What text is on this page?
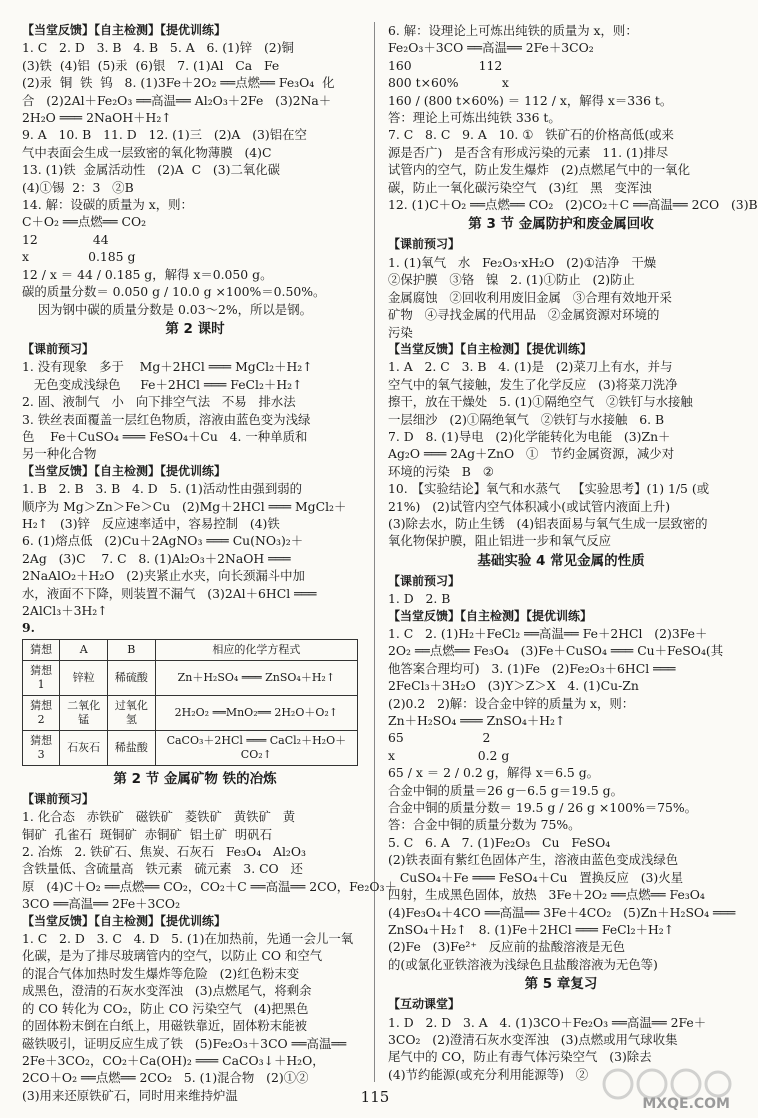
【当堂反馈】【自主检测】【提优训练】
1. C   2. D   3. B   4. B   5. A   6. (1)锌   (2)铜
(3)铁  (4)铝  (5)汞  (6)银   7. (1)Al   Ca   Fe
(2)汞  铜  铁  钨   8. (1)3Fe＋2O₂ ══点燃══ Fe₃O₄  化
合   (2)2Al＋Fe₂O₃ ══高温══ Al₂O₃＋2Fe   (3)2Na＋
2H₂O ═══ 2NaOH＋H₂↑
9. A   10. B   11. D   12. (1)三   (2)A   (3)铝在空
气中表面会生成一层致密的氧化物薄膜   (4)C
13. (1)铁  金属活动性   (2)A  C   (3)二氧化碳
(4)①锡  2：3   ②B
14. 解：设碳的质量为 x，则：
C＋O₂ ══点燃══ CO₂
12              44
x               0.185 g
12 / x ＝ 44 / 0.185 g，解得 x＝0.050 g。
碳的质量分数＝ 0.050 g / 10.0 g ×100%＝0.50%。
因为钢中碳的质量分数是 0.03～2%，所以是钢。
第 2 课时
【课前预习】
1. 没有现象   多于    Mg＋2HCl ═══ MgCl₂＋H₂↑
无色变成浅绿色     Fe＋2HCl ═══ FeCl₂＋H₂↑
2. 固、液制气   小   向下排空气法   不易   排水法
3. 铁丝表面覆盖一层红色物质，溶液由蓝色变为浅绿
色    Fe＋CuSO₄ ═══ FeSO₄＋Cu   4. 一种单质和
另一种化合物
【当堂反馈】【自主检测】【提优训练】
1. B   2. B   3. B   4. D   5. (1)活动性由强到弱的
顺序为 Mg＞Zn＞Fe＞Cu   (2)Mg＋2HCl ═══ MgCl₂＋
H₂↑   (3)锌   反应速率适中，容易控制   (4)铁
6. (1)熔点低   (2)Cu＋2AgNO₃ ═══ Cu(NO₃)₂＋
2Ag   (3)C    7. C   8. (1)Al₂O₃＋2NaOH ═══
2NaAlO₂＋H₂O   (2)夹紧止水夹，向长颈漏斗中加
水，液面不下降，则装置不漏气   (3)2Al＋6HCl ═══
2AlCl₃＋3H₂↑
9.
猜想	A	B	相应的化学方程式
猜想 1	锌粒	稀硫酸	Zn＋H₂SO₄ ═══ ZnSO₄＋H₂↑
猜想 2	二氧化锰	过氧化氢	2H₂O₂ ══MnO₂══ 2H₂O＋O₂↑
猜想 3	石灰石	稀盐酸	CaCO₃＋2HCl ═══ CaCl₂＋H₂O＋CO₂↑
第 2 节 金属矿物 铁的冶炼
【课前预习】
1. 化合态   赤铁矿   磁铁矿   菱铁矿   黄铁矿   黄
铜矿  孔雀石  斑铜矿  赤铜矿  铝土矿  明矾石
2. 冶炼   2. 铁矿石、焦炭、石灰石   Fe₃O₄   Al₂O₃
含铁量低、含硫量高   铁元素   硫元素   3. CO   还
原   (4)C＋O₂ ══点燃══ CO₂，CO₂＋C ══高温══ 2CO，Fe₂O₃＋
3CO ══高温══ 2Fe＋3CO₂
【当堂反馈】【自主检测】【提优训练】
1. C   2. D   3. C   4. D   5. (1)在加热前，先通一会儿一氧
化碳，是为了排尽玻璃管内的空气，以防止 CO 和空气
的混合气体加热时发生爆炸等危险   (2)红色粉末变
成黑色，澄清的石灰水变浑浊   (3)点燃尾气，将剩余
的 CO 转化为 CO₂，防止 CO 污染空气   (4)把黑色
的固体粉末倒在白纸上，用磁铁靠近，固体粉末能被
磁铁吸引，证明反应生成了铁   (5)Fe₂O₃＋3CO ══高温══
2Fe＋3CO₂，CO₂＋Ca(OH)₂ ═══ CaCO₃↓＋H₂O，
2CO＋O₂ ══点燃══ 2CO₂   5. (1)混合物   (2)①②
(3)用来还原铁矿石，同时用来维持炉温
6. 解：设理论上可炼出纯铁的质量为 x，则：
Fe₂O₃＋3CO ══高温══ 2Fe＋3CO₂
160                 112
800 t×60%           x
160 / (800 t×60%) ＝ 112 / x，解得 x＝336 t。
答：理论上可炼出纯铁 336 t。
7. C   8. C   9. A   10. ①   铁矿石的价格高低(或来
源是否广)   是否含有形成污染的元素   11. (1)排尽
试管内的空气，防止发生爆炸   (2)点燃尾气中的一氧化
碳，防止一氧化碳污染空气   (3)红   黑   变浑浊
12. (1)C＋O₂ ══点燃══ CO₂   (2)CO₂＋C ══高温══ 2CO   (3)B
第 3 节 金属防护和废金属回收
【课前预习】
1. (1)氧气   水   Fe₂O₃·xH₂O   (2)①洁净   干燥
②保护膜   ③铬   镍   2. (1)①防止   (2)防止
金属腐蚀   ②回收利用废旧金属   ③合理有效地开采
矿物   ④寻找金属的代用品   ②金属资源对环境的
污染
【当堂反馈】【自主检测】【提优训练】
1. A   2. C   3. B   4. (1)是   (2)菜刀上有水，并与
空气中的氧气接触，发生了化学反应   (3)将菜刀洗净
擦干，放在干燥处   5. (1)①隔绝空气   ②铁钉与水接触
一层细沙   (2)①隔绝氧气   ②铁钉与水接触   6. B
7. D   8. (1)导电   (2)化学能转化为电能   (3)Zn＋
Ag₂O ═══ 2Ag＋ZnO   ①   节约金属资源，减少对
环境的污染   B   ②
10. 【实验结论】氧气和水蒸气   【实验思考】(1) 1/5 (或
21%)   (2)试管内空气体积减小(或试管内液面上升)
(3)除去水，防止生锈   (4)铝表面易与氧气生成一层致密的
氧化物保护膜，阻止铝进一步和氧气反应
基础实验 4 常见金属的性质
【课前预习】
1. D   2. B
【当堂反馈】【自主检测】【提优训练】
1. C   2. (1)H₂＋FeCl₂ ══高温══ Fe＋2HCl   (2)3Fe＋
2O₂ ══点燃══ Fe₃O₄   (3)Fe＋CuSO₄ ═══ Cu＋FeSO₄(其
他答案合理均可)   3. (1)Fe   (2)Fe₂O₃＋6HCl ═══
2FeCl₃＋3H₂O   (3)Y＞Z＞X   4. (1)Cu-Zn
(2)0.2   2)解：设合金中锌的质量为 x，则：
Zn＋H₂SO₄ ═══ ZnSO₄＋H₂↑
65                    2
x                     0.2 g
65 / x ＝ 2 / 0.2 g，解得 x＝6.5 g。
合金中铜的质量＝26 g－6.5 g＝19.5 g。
合金中铜的质量分数＝ 19.5 g / 26 g ×100%＝75%。
答：合金中铜的质量分数为 75%。
5. C   6. A   7. (1)Fe₂O₃   Cu   FeSO₄
(2)铁表面有紫红色固体产生，溶液由蓝色变成浅绿色
CuSO₄＋Fe ═══ FeSO₄＋Cu   置换反应   (3)火星
四射，生成黑色固体，放热   3Fe＋2O₂ ══点燃══ Fe₃O₄
(4)Fe₃O₄＋4CO ══高温══ 3Fe＋4CO₂   (5)Zn＋H₂SO₄ ═══
ZnSO₄＋H₂↑   8. (1)Fe＋2HCl ═══ FeCl₂＋H₂↑
(2)Fe   (3)Fe²⁺   反应前的盐酸溶液是无色
的(或氯化亚铁溶液为浅绿色且盐酸溶液为无色等)
第 5 章复习
【互动课堂】
1. D   2. D   3. A   4. (1)3CO＋Fe₂O₃ ══高温══ 2Fe＋
3CO₂   (2)澄清石灰水变浑浊   (3)点燃或用气球收集
尾气中的 CO，防止有毒气体污染空气   (3)除去
(4)节约能源(或充分利用能源等)   ②
115	MXQE.COM
